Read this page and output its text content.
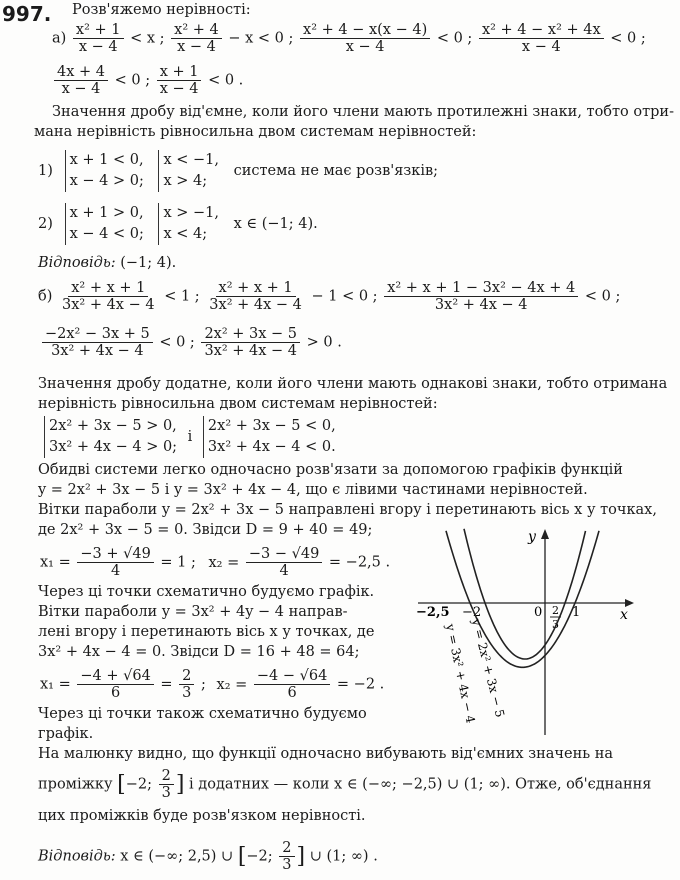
997. Розв'яжемо нерівності:
$а) \frac{\text{x² + 1}}{x - 4} < x$ ; $\frac{\text{x² + 4}}{x - 4} - x < 0$ ; $\frac{\text{x² + 4 − x(x − 4)}}{x - 4} < 0$ ; $\frac{\text{x² + 4 − x² + 4x}}{x - 4} < 0$ ;
$\frac{4x + 4}{x - 4} < 0$ ; $\frac{x + 1}{x - 4} < 0$ .
Значення дробу від'ємне, коли його члени мають протилежні знаки, тобто отри-
мана нерівність рівносильна двом системам нерівностей:
1) x + 1 < 0,
x − 4 > 0; x < −1,
x > 4; система не має розв'язків;
2) x + 1 > 0,
x − 4 < 0; x > −1,
x < 4; x ∈ (−1; 4).
Відповідь: (−1; 4).
$б) \frac{\text{x² + x + 1}}{\text{3x² + 4x − 4}} < 1$ ; $\frac{\text{x² + x + 1}}{\text{3x² + 4x − 4}} - 1 < 0$ ; $\frac{\text{x² + x + 1 − 3x² − 4x + 4}}{\text{3x² + 4x − 4}} < 0$ ;
$\frac{\text{−2x² − 3x + 5}}{\text{3x² + 4x − 4}} < 0$ ; $\frac{\text{2x² + 3x − 5}}{\text{3x² + 4x − 4}} > 0$ .
Значення дробу додатне, коли його члени мають однакові знаки, тобто отримана
нерівність рівносильна двом системам нерівностей:
2x² + 3x − 5 > 0,
3x² + 4x − 4 > 0; і 2x² + 3x − 5 < 0,
3x² + 4x − 4 < 0.
Обидві системи легко одночасно розв'язати за допомогою графіків функцій
y = 2x² + 3x − 5 і y = 3x² + 4x − 4, що є лівими частинами нерівностей.
Вітки параболи y = 2x² + 3x − 5 направлені вгору і перетинають вісь x у точках,
де 2x² + 3x − 5 = 0. Звідси D = 9 + 40 = 49;
$x_1 = \frac{-3 + √49}{4} = 1$ ; $x_2 = \frac{-3 - √49}{4} = -2,5$ .
Через ці точки схематично будуємо графік.
Вітки параболи y = 3x² + 4y − 4 направ-
лені вгору і перетинають вісь x у точках, де
3x² + 4x − 4 = 0. Звідси D = 16 + 48 = 64;
$x_1 = \frac{-4 + √64}{6} = \frac{2}{3}$ ; $x_2 = \frac{-4 - √64}{6} = -2$ .
Через ці точки також схематично будуємо
графік.
На малюнку видно, що функції одночасно вибувають від'ємних значень на
проміжку [−2; $\frac{2}{3}$ ] і додатних — коли x ∈ (−∞; −2,5) ∪ (1; ∞). Отже, об'єднання
цих проміжків буде розв'язком нерівності.
Відповідь: x ∈ (−∞; 2,5) ∪ [−2; $\frac{2}{3}$ ] ∪ (1; ∞) .
y
x
0
−2,5 −2	1
2
3
y = 2x² + 3x − 5
y = 3x² + 4x − 4
